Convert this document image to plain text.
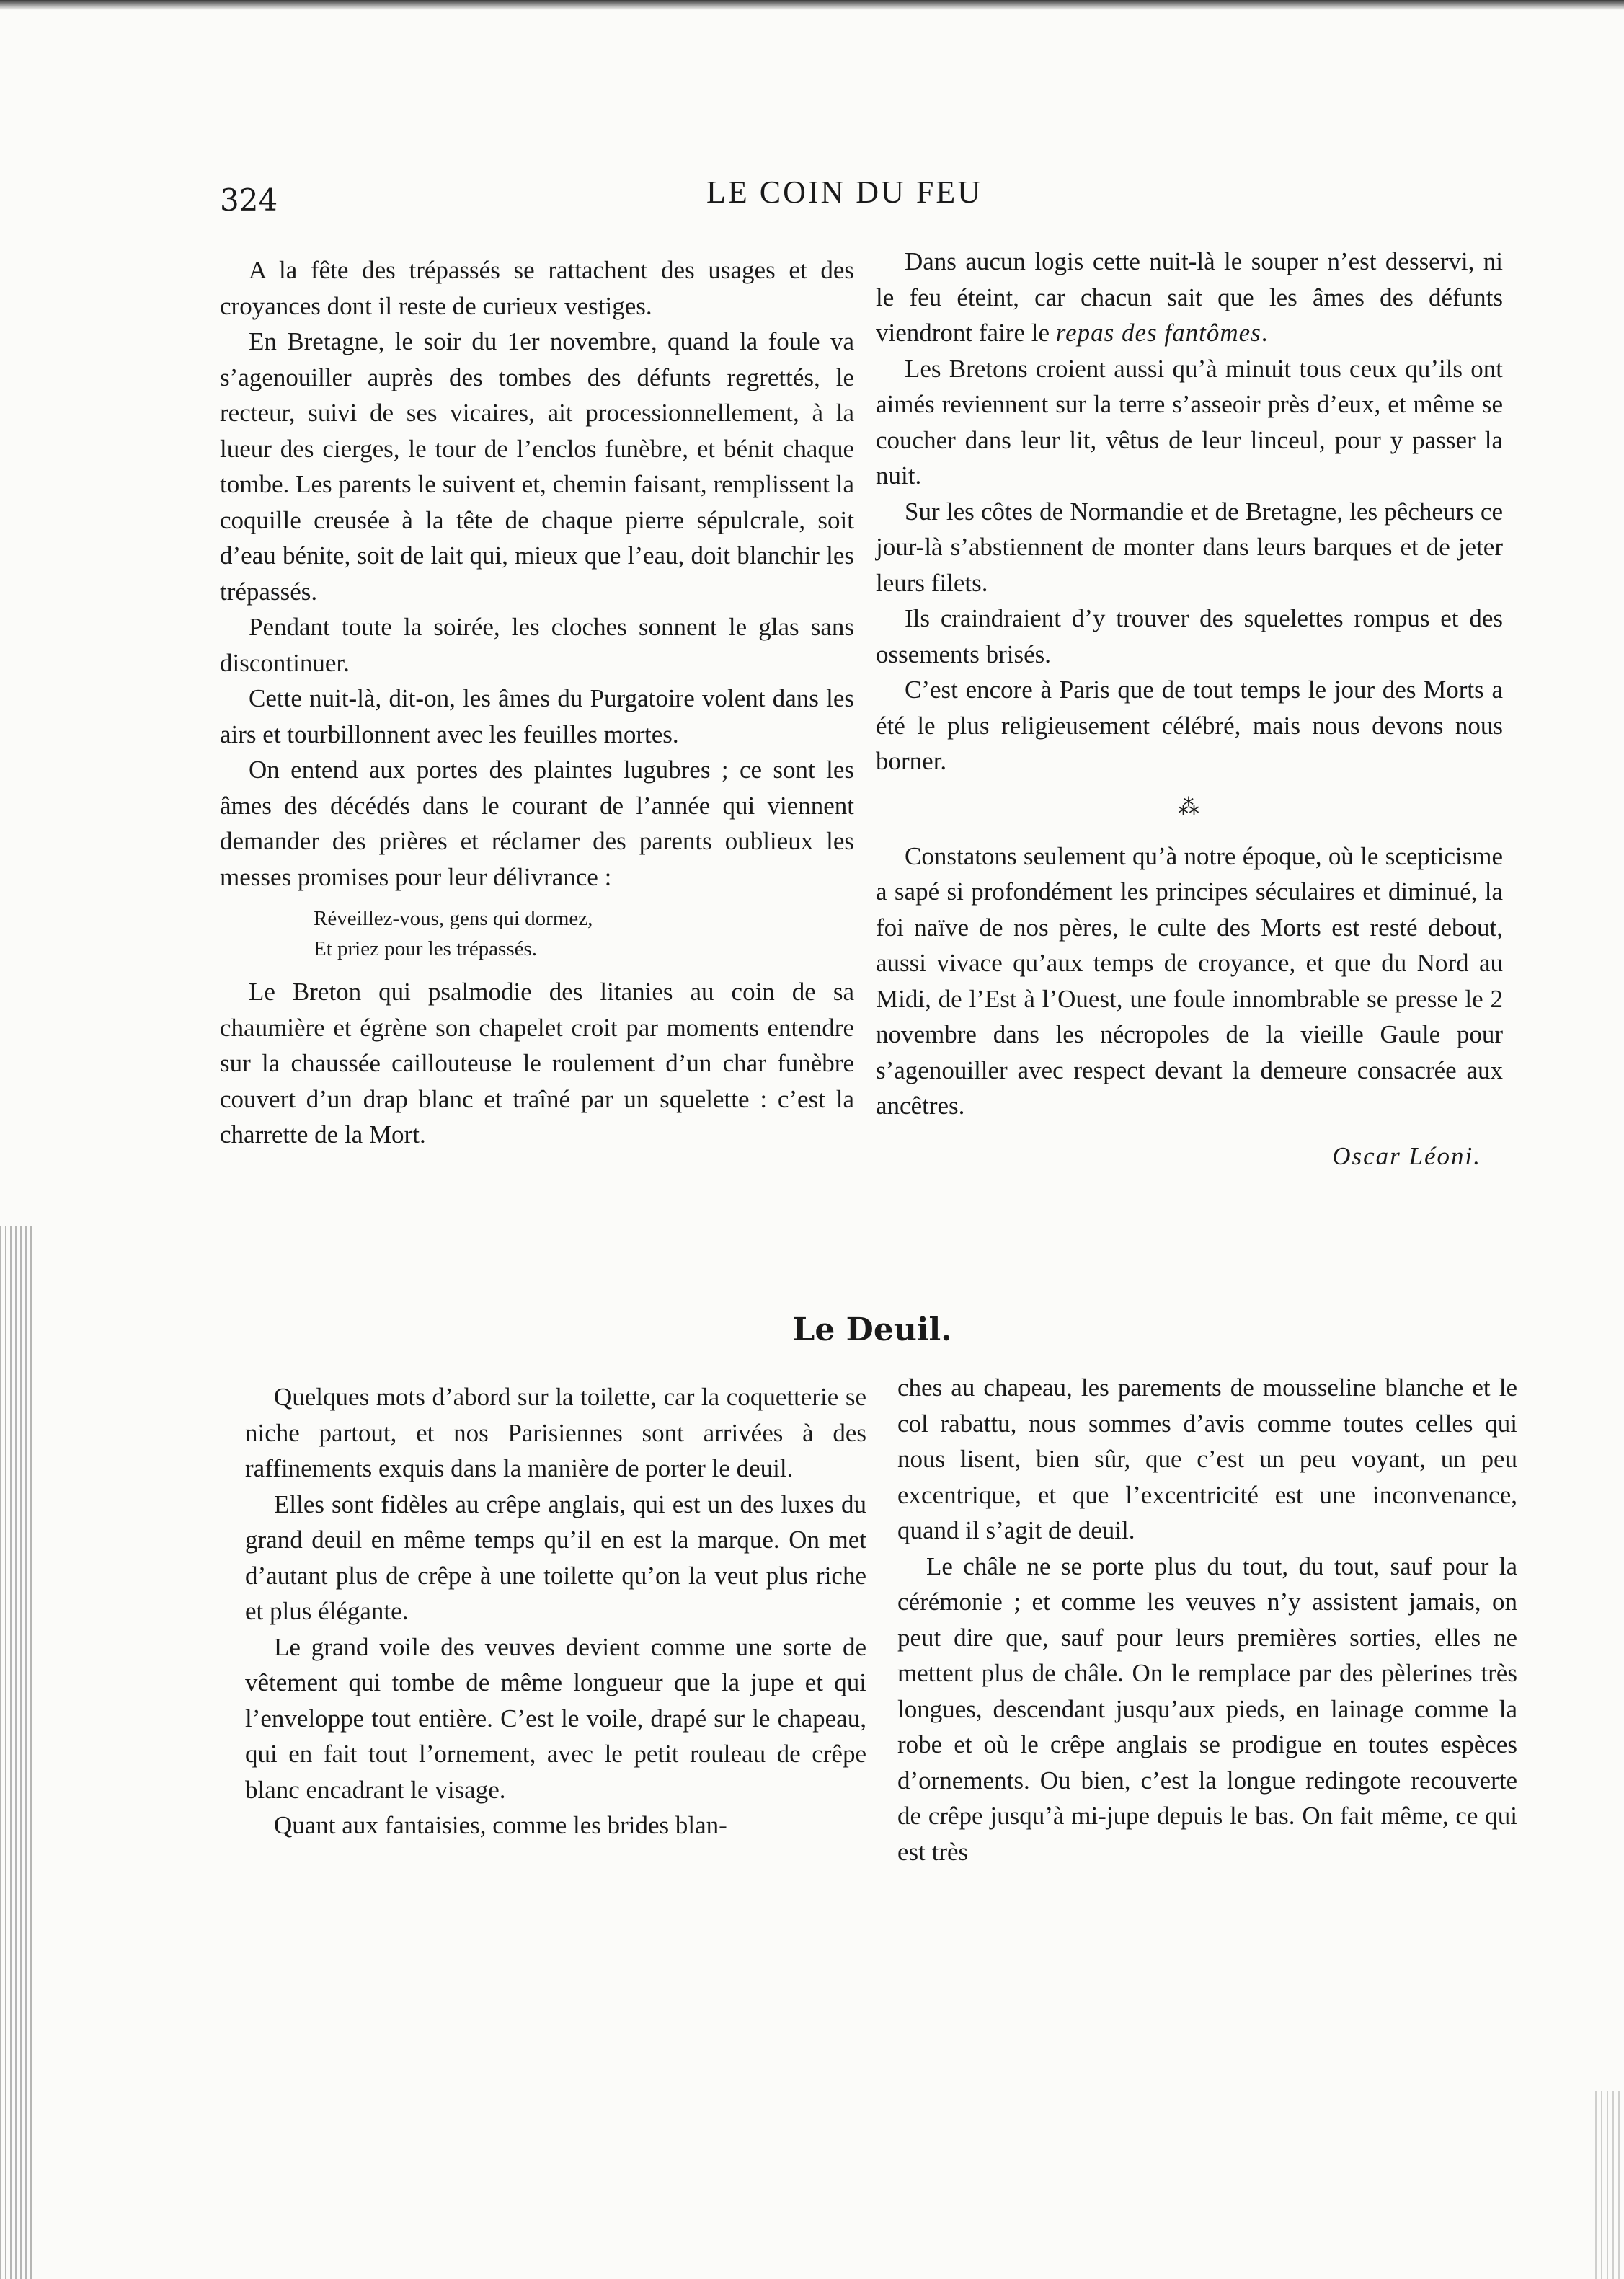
324	LE COIN DU FEU

A la fête des trépassés se rattachent des usages et des croyances dont il reste de curieux vestiges.

En Bretagne, le soir du 1er novembre, quand la foule va s’agenouiller auprès des tombes des défunts regrettés, le recteur, suivi de ses vicaires, ait processionnellement, à la lueur des cierges, le tour de l’enclos funèbre, et bénit chaque tombe. Les parents le suivent et, chemin faisant, remplissent la coquille creusée à la tête de chaque pierre sépulcrale, soit d’eau bénite, soit de lait qui, mieux que l’eau, doit blanchir les trépassés.

Pendant toute la soirée, les cloches sonnent le glas sans discontinuer.

Cette nuit-là, dit-on, les âmes du Purgatoire volent dans les airs et tourbillonnent avec les feuilles mortes.

On entend aux portes des plaintes lugubres ; ce sont les âmes des décédés dans le courant de l’année qui viennent demander des prières et réclamer des parents oublieux les messes promises pour leur délivrance :

Réveillez-vous, gens qui dormez,
Et priez pour les trépassés.

Le Breton qui psalmodie des litanies au coin de sa chaumière et égrène son chapelet croit par moments entendre sur la chaussée caillouteuse le roulement d’un char funèbre couvert d’un drap blanc et traîné par un squelette : c’est la charrette de la Mort.

Dans aucun logis cette nuit-là le souper n’est desservi, ni le feu éteint, car chacun sait que les âmes des défunts viendront faire le repas des fantômes.

Les Bretons croient aussi qu’à minuit tous ceux qu’ils ont aimés reviennent sur la terre s’asseoir près d’eux, et même se coucher dans leur lit, vêtus de leur linceul, pour y passer la nuit.

Sur les côtes de Normandie et de Bretagne, les pêcheurs ce jour-là s’abstiennent de monter dans leurs barques et de jeter leurs filets.

Ils craindraient d’y trouver des squelettes rompus et des ossements brisés.

C’est encore à Paris que de tout temps le jour des Morts a été le plus religieusement célébré, mais nous devons nous borner.

⁂

Constatons seulement qu’à notre époque, où le scepticisme a sapé si profondément les principes séculaires et diminué, la foi naïve de nos pères, le culte des Morts est resté debout, aussi vivace qu’aux temps de croyance, et que du Nord au Midi, de l’Est à l’Ouest, une foule innombrable se presse le 2 novembre dans les nécropoles de la vieille Gaule pour s’agenouiller avec respect devant la demeure consacrée aux ancêtres.

Oscar Léoni.
Le Deuil.

Quelques mots d’abord sur la toilette, car la coquetterie se niche partout, et nos Parisiennes sont arrivées à des raffinements exquis dans la manière de porter le deuil.

Elles sont fidèles au crêpe anglais, qui est un des luxes du grand deuil en même temps qu’il en est la marque. On met d’autant plus de crêpe à une toilette qu’on la veut plus riche et plus élégante.

Le grand voile des veuves devient comme une sorte de vêtement qui tombe de même longueur que la jupe et qui l’enveloppe tout entière. C’est le voile, drapé sur le chapeau, qui en fait tout l’ornement, avec le petit rouleau de crêpe blanc encadrant le visage.

Quant aux fantaisies, comme les brides blan-

ches au chapeau, les parements de mousseline blanche et le col rabattu, nous sommes d’avis comme toutes celles qui nous lisent, bien sûr, que c’est un peu voyant, un peu excentrique, et que l’excentricité est une inconvenance, quand il s’agit de deuil.

Le châle ne se porte plus du tout, du tout, sauf pour la cérémonie ; et comme les veuves n’y assistent jamais, on peut dire que, sauf pour leurs premières sorties, elles ne mettent plus de châle. On le remplace par des pèlerines très longues, descendant jusqu’aux pieds, en lainage comme la robe et où le crêpe anglais se prodigue en toutes espèces d’ornements. Ou bien, c’est la longue redingote recouverte de crêpe jusqu’à mi-jupe depuis le bas. On fait même, ce qui est très
